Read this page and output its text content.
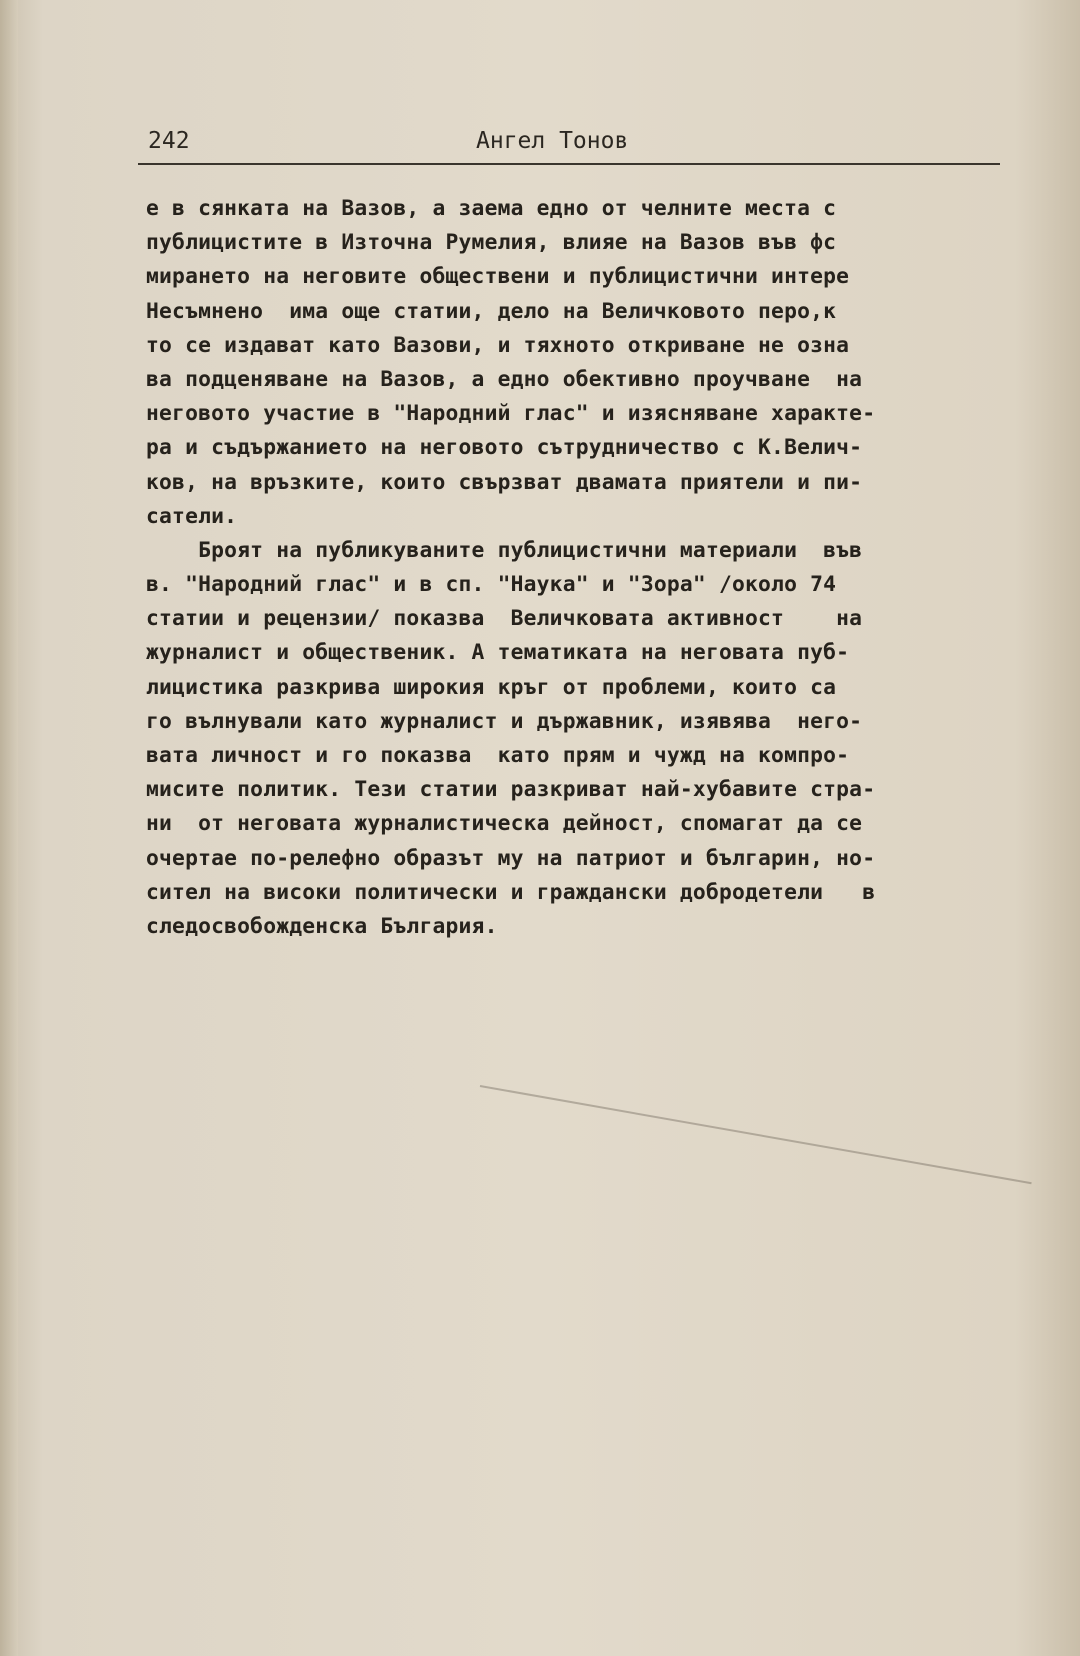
242	Ангел Тонов
е в сянката на Вазов, а заема едно от челните места с
публицистите в Източна Румелия, влияе на Вазов във фс
мирането на неговите обществени и публицистични интере
Несъмнено  има още статии, дело на Величковото перо,к
то се издават като Вазови, и тяхното откриване не озна
ва подценяване на Вазов, а едно обективно проучване  на
неговото участие в "Народний глас" и изясняване характе-
ра и съдържанието на неговото сътрудничество с К.Велич-
ков, на връзките, които свързват двамата приятели и пи-
сатели.
Броят на публикуваните публицистични материали  във
в. "Народний глас" и в сп. "Наука" и "Зора" /около 74
статии и рецензии/ показва  Величковата активност    на
журналист и общественик. А тематиката на неговата пуб-
лицистика разкрива широкия кръг от проблеми, които са
го вълнували като журналист и държавник, изявява  него-
вата личност и го показва  като прям и чужд на компро-
мисите политик. Тези статии разкриват най-хубавите стра-
ни  от неговата журналистическа дейност, спомагат да се
очертае по-релефно образът му на патриот и българин, но-
сител на високи политически и граждански добродетели   в
следосвобожденска България.
